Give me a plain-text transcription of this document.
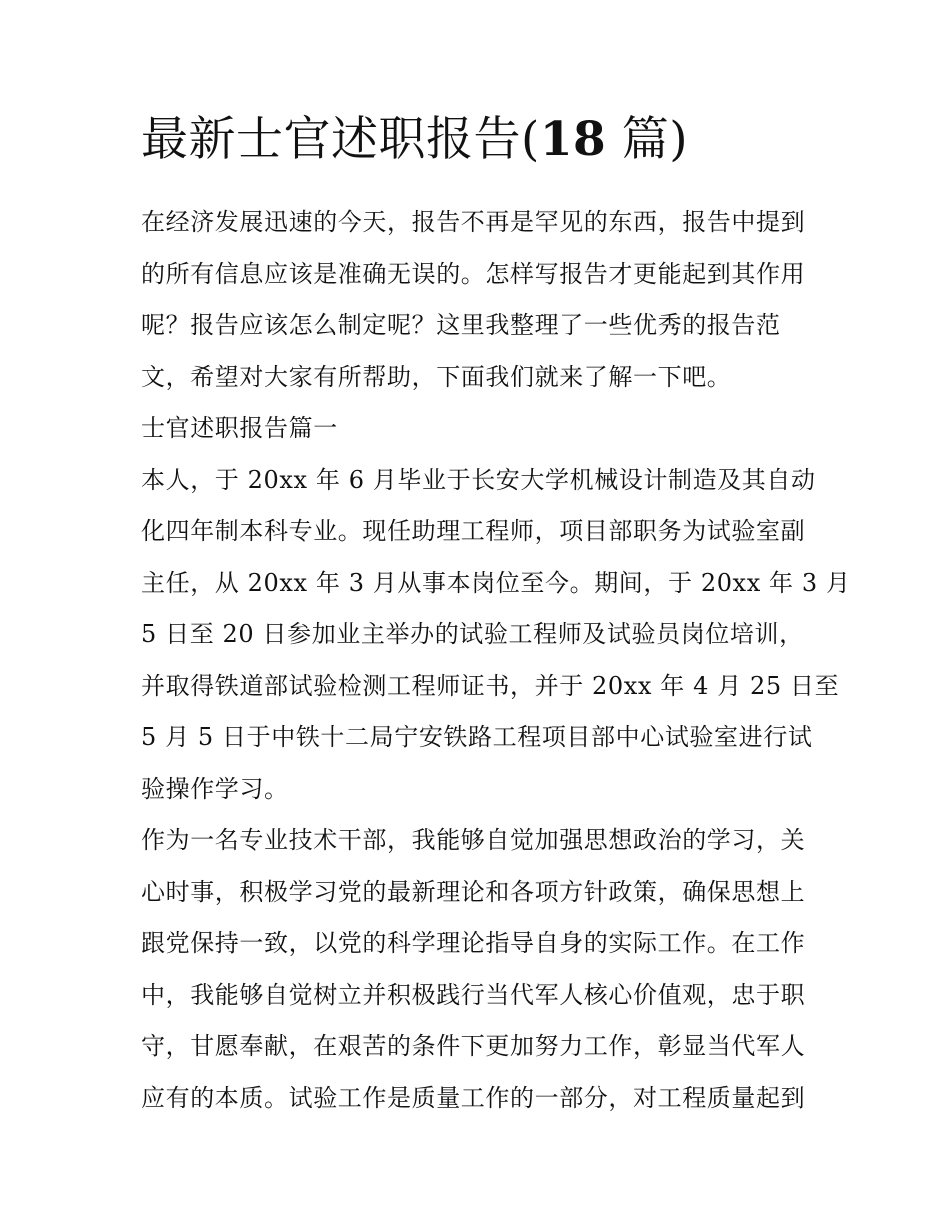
最新士官述职报告(18 篇)
在经济发展迅速的今天，报告不再是罕见的东西，报告中提到
的所有信息应该是准确无误的。怎样写报告才更能起到其作用
呢？报告应该怎么制定呢？这里我整理了一些优秀的报告范
文，希望对大家有所帮助，下面我们就来了解一下吧。
士官述职报告篇一
本人，于 20xx 年 6 月毕业于长安大学机械设计制造及其自动
化四年制本科专业。现任助理工程师，项目部职务为试验室副
主任，从 20xx 年 3 月从事本岗位至今。期间，于 20xx 年 3 月
5 日至 20 日参加业主举办的试验工程师及试验员岗位培训，
并取得铁道部试验检测工程师证书，并于 20xx 年 4 月 25 日至
5 月 5 日于中铁十二局宁安铁路工程项目部中心试验室进行试
验操作学习。
作为一名专业技术干部，我能够自觉加强思想政治的学习，关
心时事，积极学习党的最新理论和各项方针政策，确保思想上
跟党保持一致，以党的科学理论指导自身的实际工作。在工作
中，我能够自觉树立并积极践行当代军人核心价值观，忠于职
守，甘愿奉献，在艰苦的条件下更加努力工作，彰显当代军人
应有的本质。试验工作是质量工作的一部分，对工程质量起到
